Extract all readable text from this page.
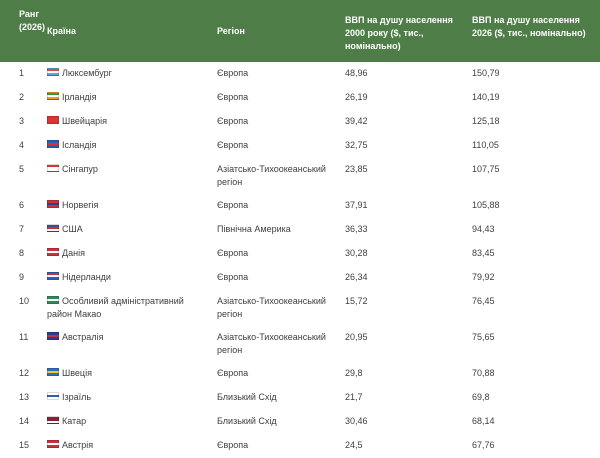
Ранг (2026)	Країна	Регіон	ВВП на душу населення 2000 року ($, тис., номінально)	ВВП на душу населення 2026 ($, тис., номінально)
1	Люксембург	Європа	48,96	150,79
2	Ірландія	Європа	26,19	140,19
3	Швейцарія	Європа	39,42	125,18
4	Ісландія	Європа	32,75	110,05
5	Сінгапур	Азіатсько-Тихоокеанський регіон	23,85	107,75
6	Норвегія	Європа	37,91	105,88
7	США	Північна Америка	36,33	94,43
8	Данія	Європа	30,28	83,45
9	Нідерланди	Європа	26,34	79,92
10	Особливий адміністративний район Макао	Азіатсько-Тихоокеанський регіон	15,72	76,45
11	Австралія	Азіатсько-Тихоокеанський регіон	20,95	75,65
12	Швеція	Європа	29,8	70,88
13	Ізраїль	Близький Схід	21,7	69,8
14	Катар	Близький Схід	30,46	68,14
15	Австрія	Європа	24,5	67,76
